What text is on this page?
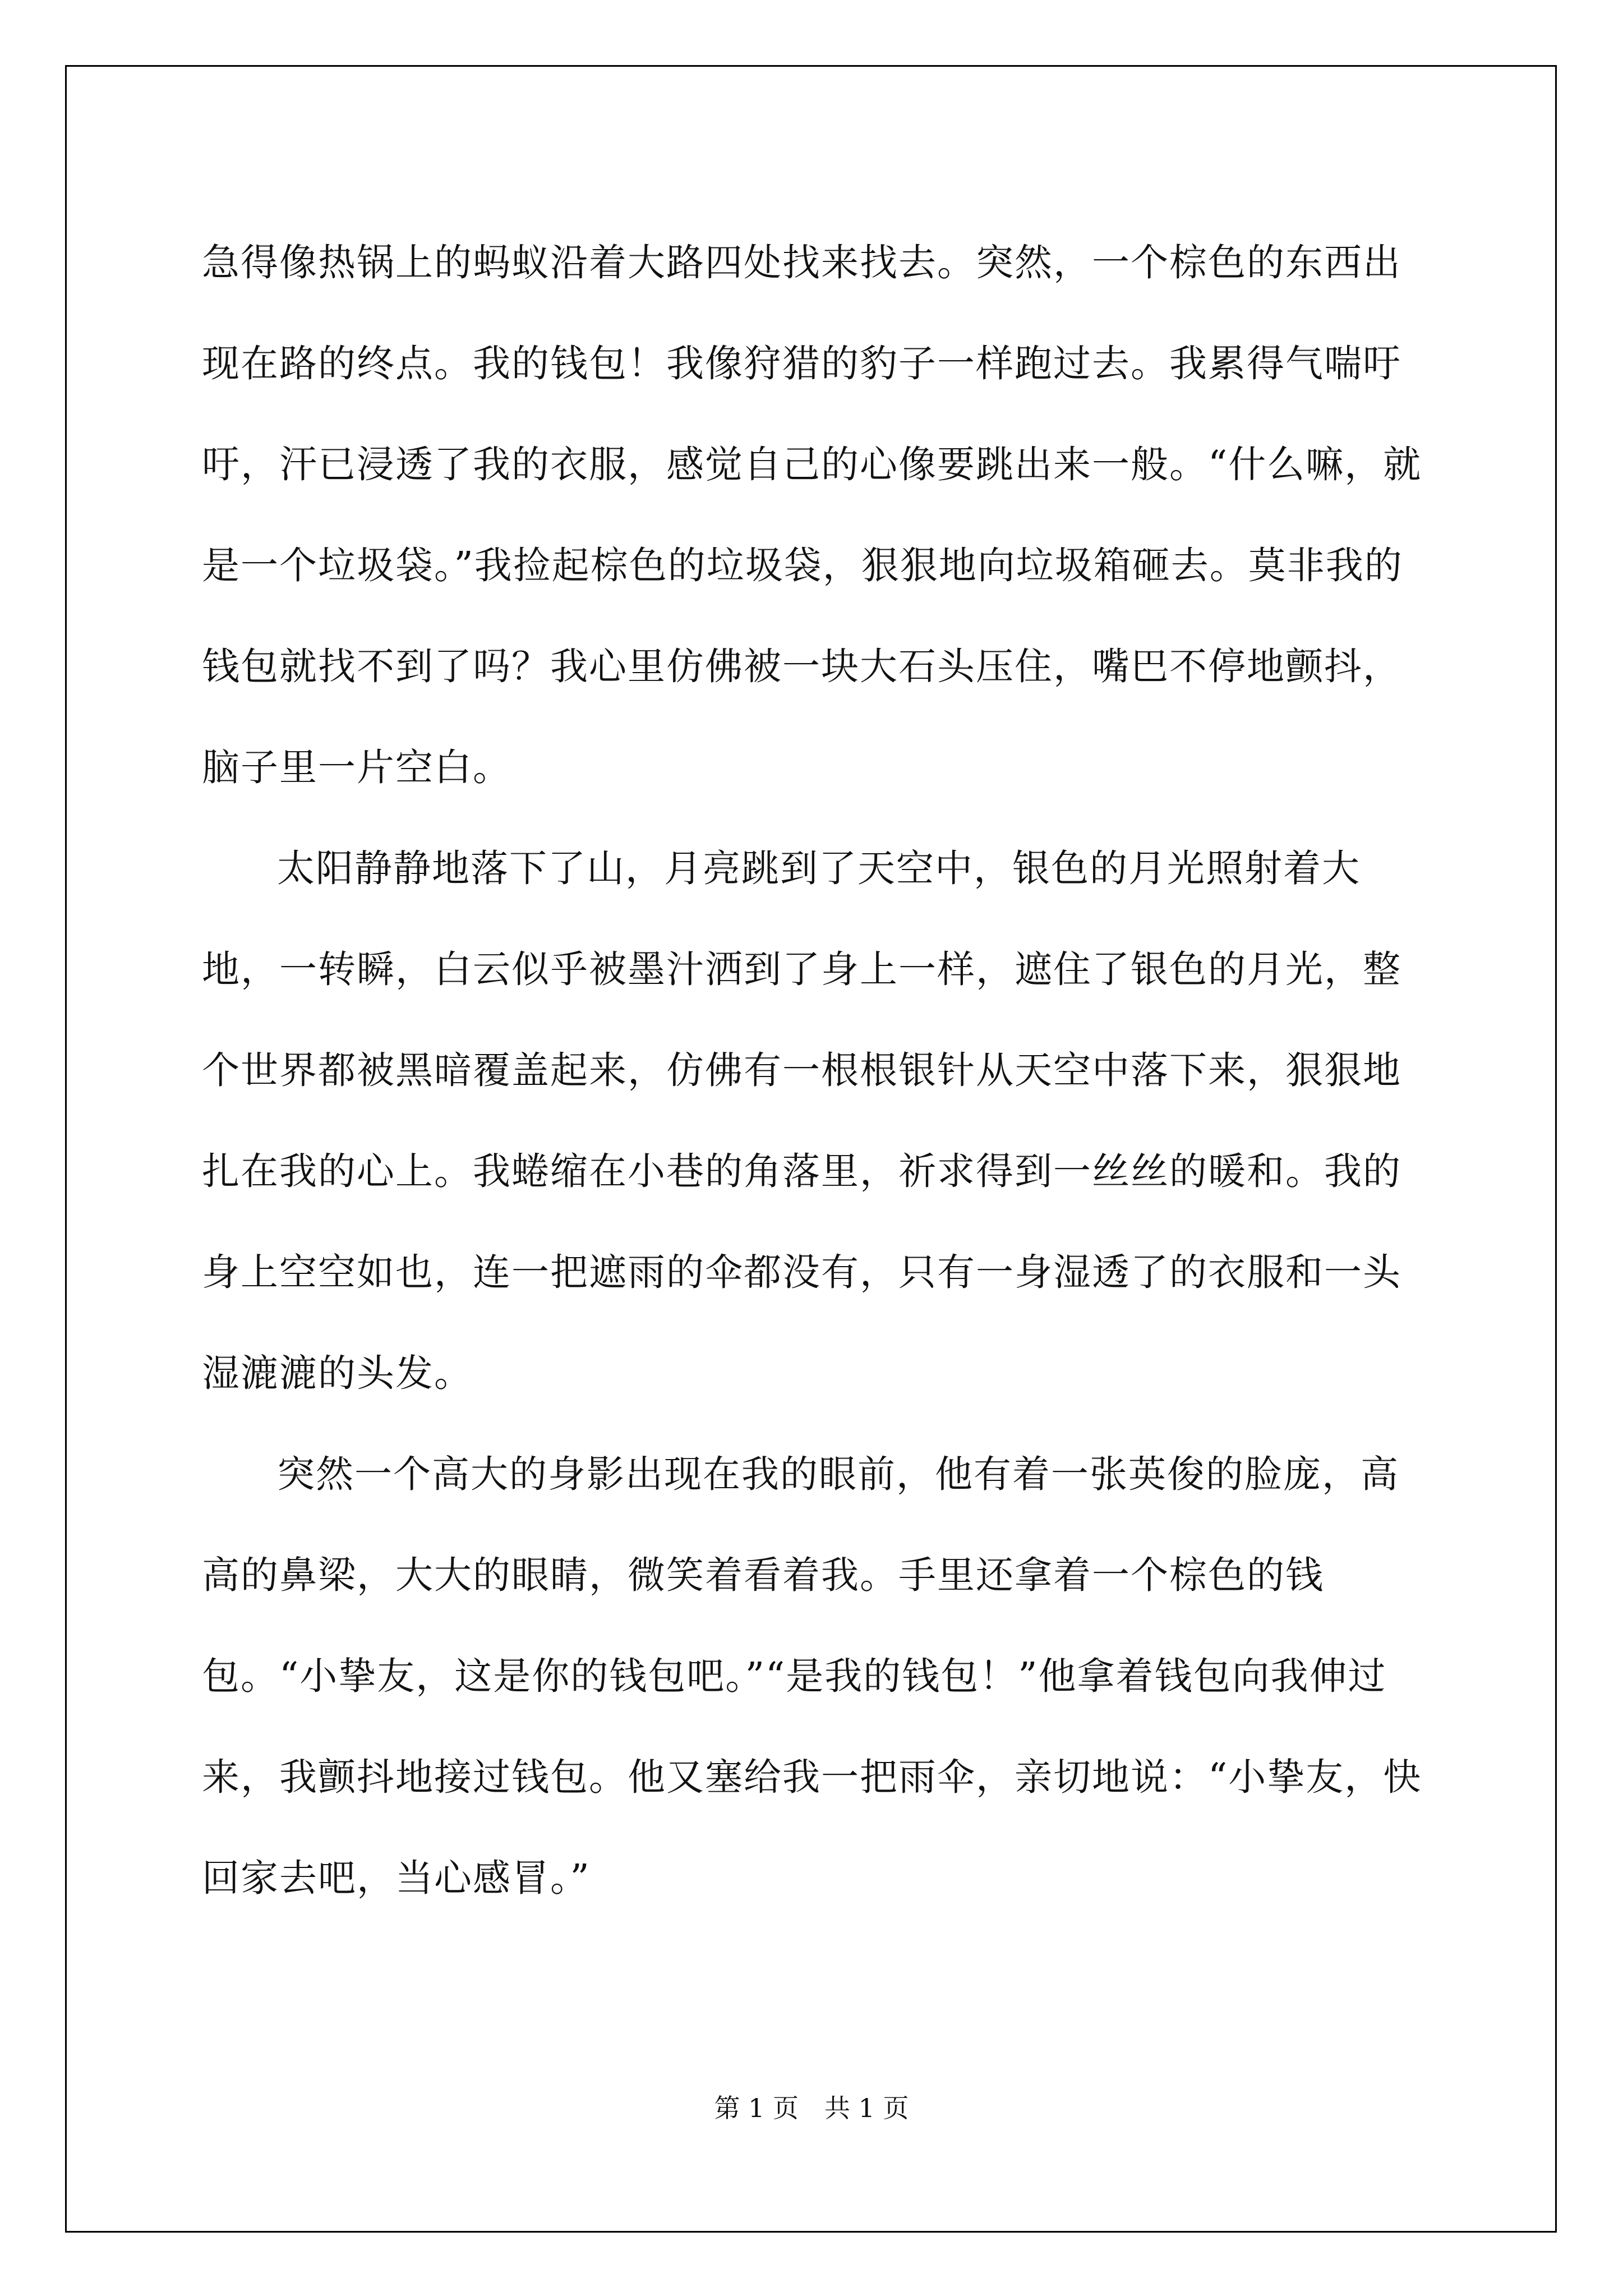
急得像热锅上的蚂蚁沿着大路四处找来找去。突然，一个棕色的东西出现在路的终点。我的钱包！我像狩猎的豹子一样跑过去。我累得气喘吁吁，汗已浸透了我的衣服，感觉自己的心像要跳出来一般。“什么嘛，就是一个垃圾袋。”我捡起棕色的垃圾袋，狠狠地向垃圾箱砸去。莫非我的钱包就找不到了吗？我心里仿佛被一块大石头压住，嘴巴不停地颤抖，脑子里一片空白。

太阳静静地落下了山，月亮跳到了天空中，银色的月光照射着大地，一转瞬，白云似乎被墨汁洒到了身上一样，遮住了银色的月光，整个世界都被黑暗覆盖起来，仿佛有一根根银针从天空中落下来，狠狠地扎在我的心上。我蜷缩在小巷的角落里，祈求得到一丝丝的暖和。我的身上空空如也，连一把遮雨的伞都没有，只有一身湿透了的衣服和一头湿漉漉的头发。

突然一个高大的身影出现在我的眼前，他有着一张英俊的脸庞，高高的鼻梁，大大的眼睛，微笑着看着我。手里还拿着一个棕色的钱包。“小挚友，这是你的钱包吧。”“是我的钱包！”他拿着钱包向我伸过来，我颤抖地接过钱包。他又塞给我一把雨伞，亲切地说：“小挚友，快回家去吧，当心感冒。”

第 1 页 共 1 页
